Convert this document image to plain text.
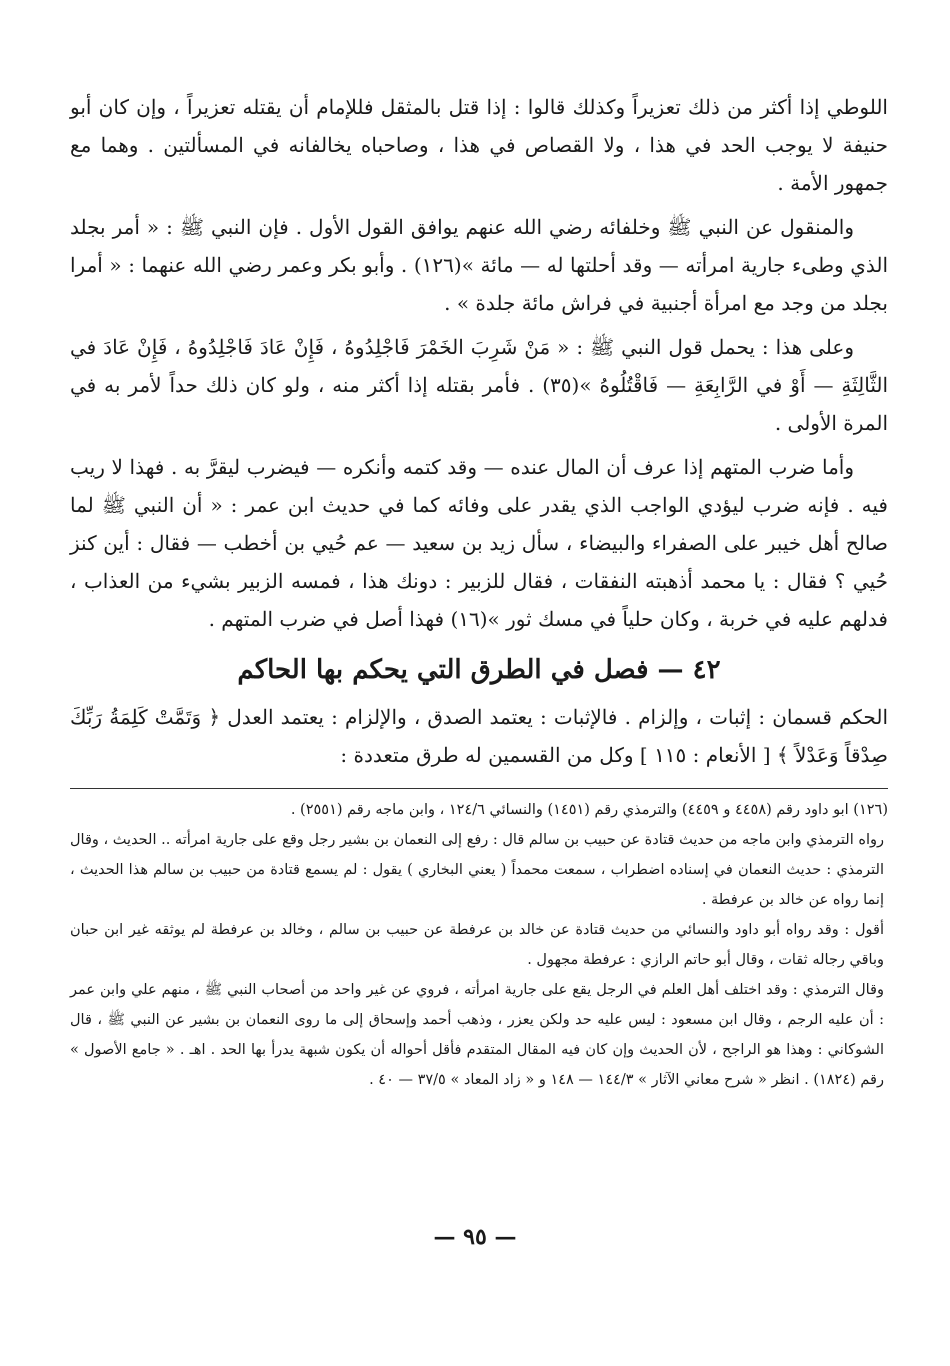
اللوطي إذا أكثر من ذلك تعزيراً وكذلك قالوا : إذا قتل بالمثقل فللإمام أن يقتله تعزيراً ، وإن كان أبو حنيفة لا يوجب الحد في هذا ، ولا القصاص في هذا ، وصاحباه يخالفانه في المسألتين . وهما مع جمهور الأمة .

والمنقول عن النبي ﷺ وخلفائه رضي الله عنهم يوافق القول الأول . فإن النبي ﷺ : « أمر بجلد الذي وطىء جارية امرأته — وقد أحلتها له — مائة »(١٢٦) . وأبو بكر وعمر رضي الله عنهما : « أمرا بجلد من وجد مع امرأة أجنبية في فراش مائة جلدة » .

وعلى هذا : يحمل قول النبي ﷺ : « مَنْ شَرِبَ الخَمْرَ فَاجْلِدُوهُ ، فَإِنْ عَادَ فَاجْلِدُوهُ ، فَإِنْ عَادَ في الثَّالِثَةِ — أَوْ في الرَّابِعَةِ — فَاقْتُلُوهُ »(٣٥) . فأمر بقتله إذا أكثر منه ، ولو كان ذلك حداً لأمر به في المرة الأولى .

وأما ضرب المتهم إذا عرف أن المال عنده — وقد كتمه وأنكره — فيضرب ليقرَّ به . فهذا لا ريب فيه . فإنه ضرب ليؤدي الواجب الذي يقدر على وفائه كما في حديث ابن عمر : « أن النبي ﷺ لما صالح أهل خيبر على الصفراء والبيضاء ، سأل زيد بن سعيد — عم حُيي بن أخطب — فقال : أين كنز حُيي ؟ فقال : يا محمد أذهبته النفقات ، فقال للزبير : دونك هذا ، فمسه الزبير بشيء من العذاب ، فدلهم عليه في خربة ، وكان حلياً في مسك ثور »(١٦) فهذا أصل في ضرب المتهم .

٤٢ — فصل في الطرق التي يحكم بها الحاكم

الحكم قسمان : إثبات ، وإلزام . فالإثبات : يعتمد الصدق ، والإلزام : يعتمد العدل ﴿ وَتَمَّتْ كَلِمَةُ رَبِّكَ صِدْقاً وَعَدْلاً ﴾ [ الأنعام : ١١٥ ] وكل من القسمين له طرق متعددة :

(١٢٦) ابو داود رقم (٤٤٥٨ و ٤٤٥٩) والترمذي رقم (١٤٥١) والنسائي ١٢٤/٦ ، وابن ماجه رقم (٢٥٥١) .

رواه الترمذي وابن ماجه من حديث قتادة عن حبيب بن سالم قال : رفع إلى النعمان بن بشير رجل وقع على جارية امرأته .. الحديث ، وقال الترمذي : حديث النعمان في إسناده اضطراب ، سمعت محمداً ( يعني البخاري ) يقول : لم يسمع قتادة من حبيب بن سالم هذا الحديث ، إنما رواه عن خالد بن عرفطة .

أقول : وقد رواه أبو داود والنسائي من حديث قتادة عن خالد بن عرفطة عن حبيب بن سالم ، وخالد بن عرفطة لم يوثقه غير ابن حبان وباقي رجاله ثقات ، وقال أبو حاتم الرازي : عرفطة مجهول .

وقال الترمذي : وقد اختلف أهل العلم في الرجل يقع على جارية امرأته ، فروي عن غير واحد من أصحاب النبي ﷺ ، منهم علي وابن عمر : أن عليه الرجم ، وقال ابن مسعود : ليس عليه حد ولكن يعزر ، وذهب أحمد وإسحاق إلى ما روى النعمان بن بشير عن النبي ﷺ ، قال الشوكاني : وهذا هو الراجح ، لأن الحديث وإن كان فيه المقال المتقدم فأقل أحواله أن يكون شبهة يدرأ بها الحد . اهـ . « جامع الأصول » رقم (١٨٢٤) . انظر « شرح معاني الآثار » ١٤٤/٣ — ١٤٨ و « زاد المعاد » ٣٧/٥ — ٤٠ .

— ٩٥ —
